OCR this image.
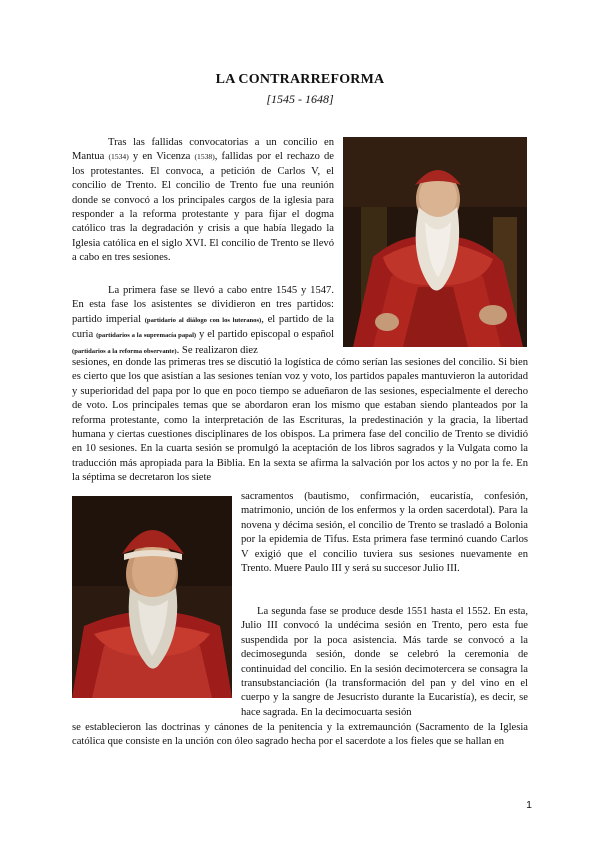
LA CONTRARREFORMA
[1545 - 1648]
Tras las fallidas convocatorias a un concilio en Mantua (1534) y en Vicenza (1538), fallidas por el rechazo de los protestantes. El convoca, a petición de Carlos V, el concilio de Trento. El concilio de Trento fue una reunión donde se convocó a los principales cargos de la iglesia para responder a la reforma protestante y para fijar el dogma católico tras la degradación y crisis a que había llegado la Iglesia católica en el siglo XVI. El concilio de Trento se llevó a cabo en tres sesiones.
La primera fase se llevó a cabo entre 1545 y 1547. En esta fase los asistentes se dividieron en tres partidos: partido imperial (partidario al diálogo con los luteranos), el partido de la curia (partidarios a la supremacía papal) y el partido episcopal o español (partidarios a la reforma observante). Se realizaron diez
sesiones, en donde las primeras tres se discutió la logística de cómo serían las sesiones del concilio. Si bien es cierto que los que asistían a las sesiones tenían voz y voto, los partidos papales mantuvieron la autoridad y superioridad del papa por lo que en poco tiempo se adueñaron de las sesiones, especialmente el derecho de voto. Los principales temas que se abordaron eran los mismo que estaban siendo planteados por la reforma protestante, como la interpretación de las Escrituras, la predestinación y la gracia, la libertad humana y ciertas cuestiones disciplinares de los obispos. La primera fase del concilio de Trento se dividió en 10 sesiones. En la cuarta sesión se promulgó la aceptación de los libros sagrados y la Vulgata como la traducción más apropiada para la Biblia. En la sexta se afirma la salvación por los actos y no por la fe. En la séptima se decretaron los siete
sacramentos (bautismo, confirmación, eucaristía, confesión, matrimonio, unción de los enfermos y la orden sacerdotal). Para la novena y décima sesión, el concilio de Trento se trasladó a Bolonia por la epidemia de Tifus. Esta primera fase terminó cuando Carlos V exigió que el concilio tuviera sus sesiones nuevamente en Trento. Muere Paulo III y será su succesor Julio III.
La segunda fase se produce desde 1551 hasta el 1552. En esta, Julio III convocó la undécima sesión en Trento, pero esta fue suspendida por la poca asistencia. Más tarde se convocó a la decimosegunda sesión, donde se celebró la ceremonia de continuidad del concilio. En la sesión decimotercera se consagra la transubstanciación (la transformación del pan y del vino en el cuerpo y la sangre de Jesucristo durante la Eucaristía), es decir, se hace sagrada. En la decimocuarta sesión
se establecieron las doctrinas y cánones de la penitencia y la extremaunción (Sacramento de la Iglesia católica que consiste en la unción con óleo sagrado hecha por el sacerdote a los fieles que se hallan en
1
